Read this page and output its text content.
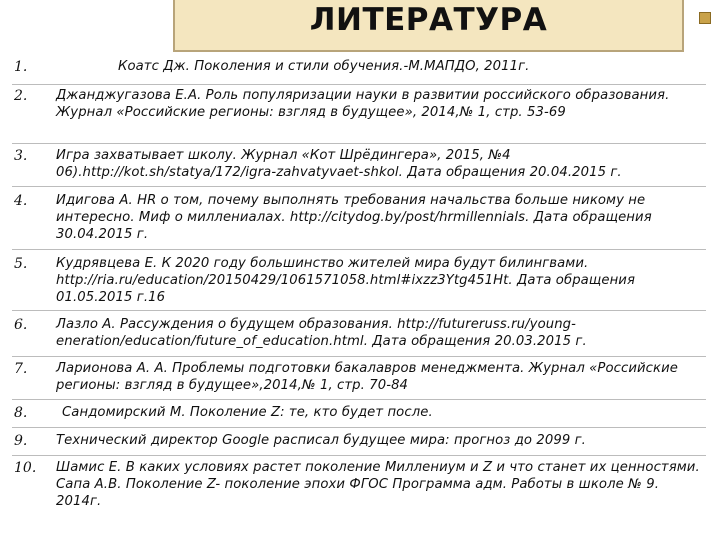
ЛИТЕРАТУРА
1.	Коатс Дж. Поколения и стили обучения.-М.МАПДО, 2011г.
2. Джанджугазова Е.А. Роль популяризации науки в развитии российского образования. Журнал «Российские регионы: взгляд в будущее», 2014,№ 1, стр. 53-69
3. Игра захватывает школу. Журнал «Кот Шрёдингера», 2015, №4 06).http://kot.sh/statya/172/igra-zahvatyvaet-shkol. Дата обращения 20.04.2015 г.
4. Идигова А. HR о том, почему выполнять требования начальства больше никому не интересно. Миф о миллениалах. http://citydog.by/post/hrmillennials. Дата обращения 30.04.2015 г.
5. Кудрявцева Е. К 2020 году большинство жителей мира будут билингвами. http://ria.ru/education/20150429/1061571058.html#ixzz3Ytg451Ht. Дата обращения 01.05.2015 г.16
6. Лазло А. Рассуждения о будущем образования. http://futureruss.ru/young-eneration/education/future_of_education.html. Дата обращения 20.03.2015 г.
7. Ларионова А. А. Проблемы подготовки бакалавров менеджмента. Журнал «Российские регионы: взгляд в будущее»,2014,№ 1, стр. 70-84
8.	Сандомирский М. Поколение Z: те, кто будет после.
9. Технический директор Google расписал будущее мира: прогноз до 2099 г.
10. Шамис Е. В каких условиях растет поколение Миллениум и Z и что станет их ценностями. Сапа А.В. Поколение Z- поколение эпохи ФГОС Программа адм. Работы в школе № 9. 2014г.
